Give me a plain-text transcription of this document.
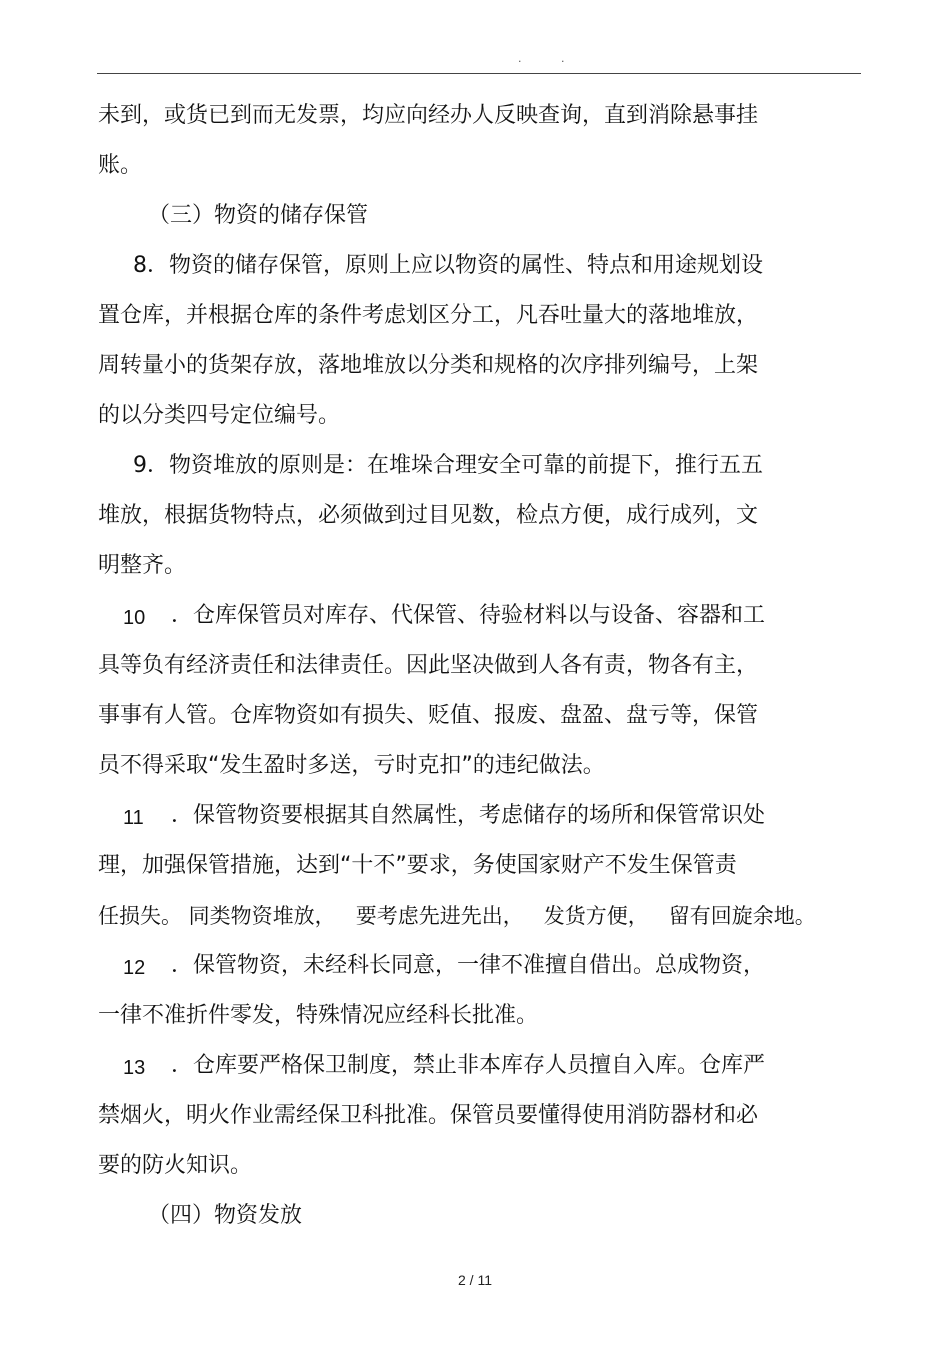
. .

未到，或货已到而无发票，均应向经办人反映查询，直到消除悬事挂

账。

（三）物资的储存保管

8．物资的储存保管，原则上应以物资的属性、特点和用途规划设

置仓库，并根据仓库的条件考虑划区分工，凡吞吐量大的落地堆放，

周转量小的货架存放，落地堆放以分类和规格的次序排列编号，上架

的以分类四号定位编号。

9．物资堆放的原则是：在堆垛合理安全可靠的前提下，推行五五

堆放，根据货物特点，必须做到过目见数，检点方便，成行成列，文

明整齐。

10 ．仓库保管员对库存、代保管、待验材料以与设备、容器和工

具等负有经济责任和法律责任。因此坚决做到人各有责，物各有主，

事事有人管。仓库物资如有损失、贬值、报废、盘盈、盘亏等，保管

员不得采取“发生盈时多送，亏时克扣”的违纪做法。

11 ．保管物资要根据其自然属性，考虑储存的场所和保管常识处

理，加强保管措施，达到“十不”要求，务使国家财产不发生保管责

任损失。 同类物资堆放，   要考虑先进先出，   发货方便，   留有回旋余地。

12 ．保管物资，未经科长同意，一律不准擅自借出。总成物资，

一律不准折件零发，特殊情况应经科长批准。

13 ．仓库要严格保卫制度，禁止非本库存人员擅自入库。仓库严

禁烟火，明火作业需经保卫科批准。保管员要懂得使用消防器材和必

要的防火知识。

（四）物资发放

2 / 11
